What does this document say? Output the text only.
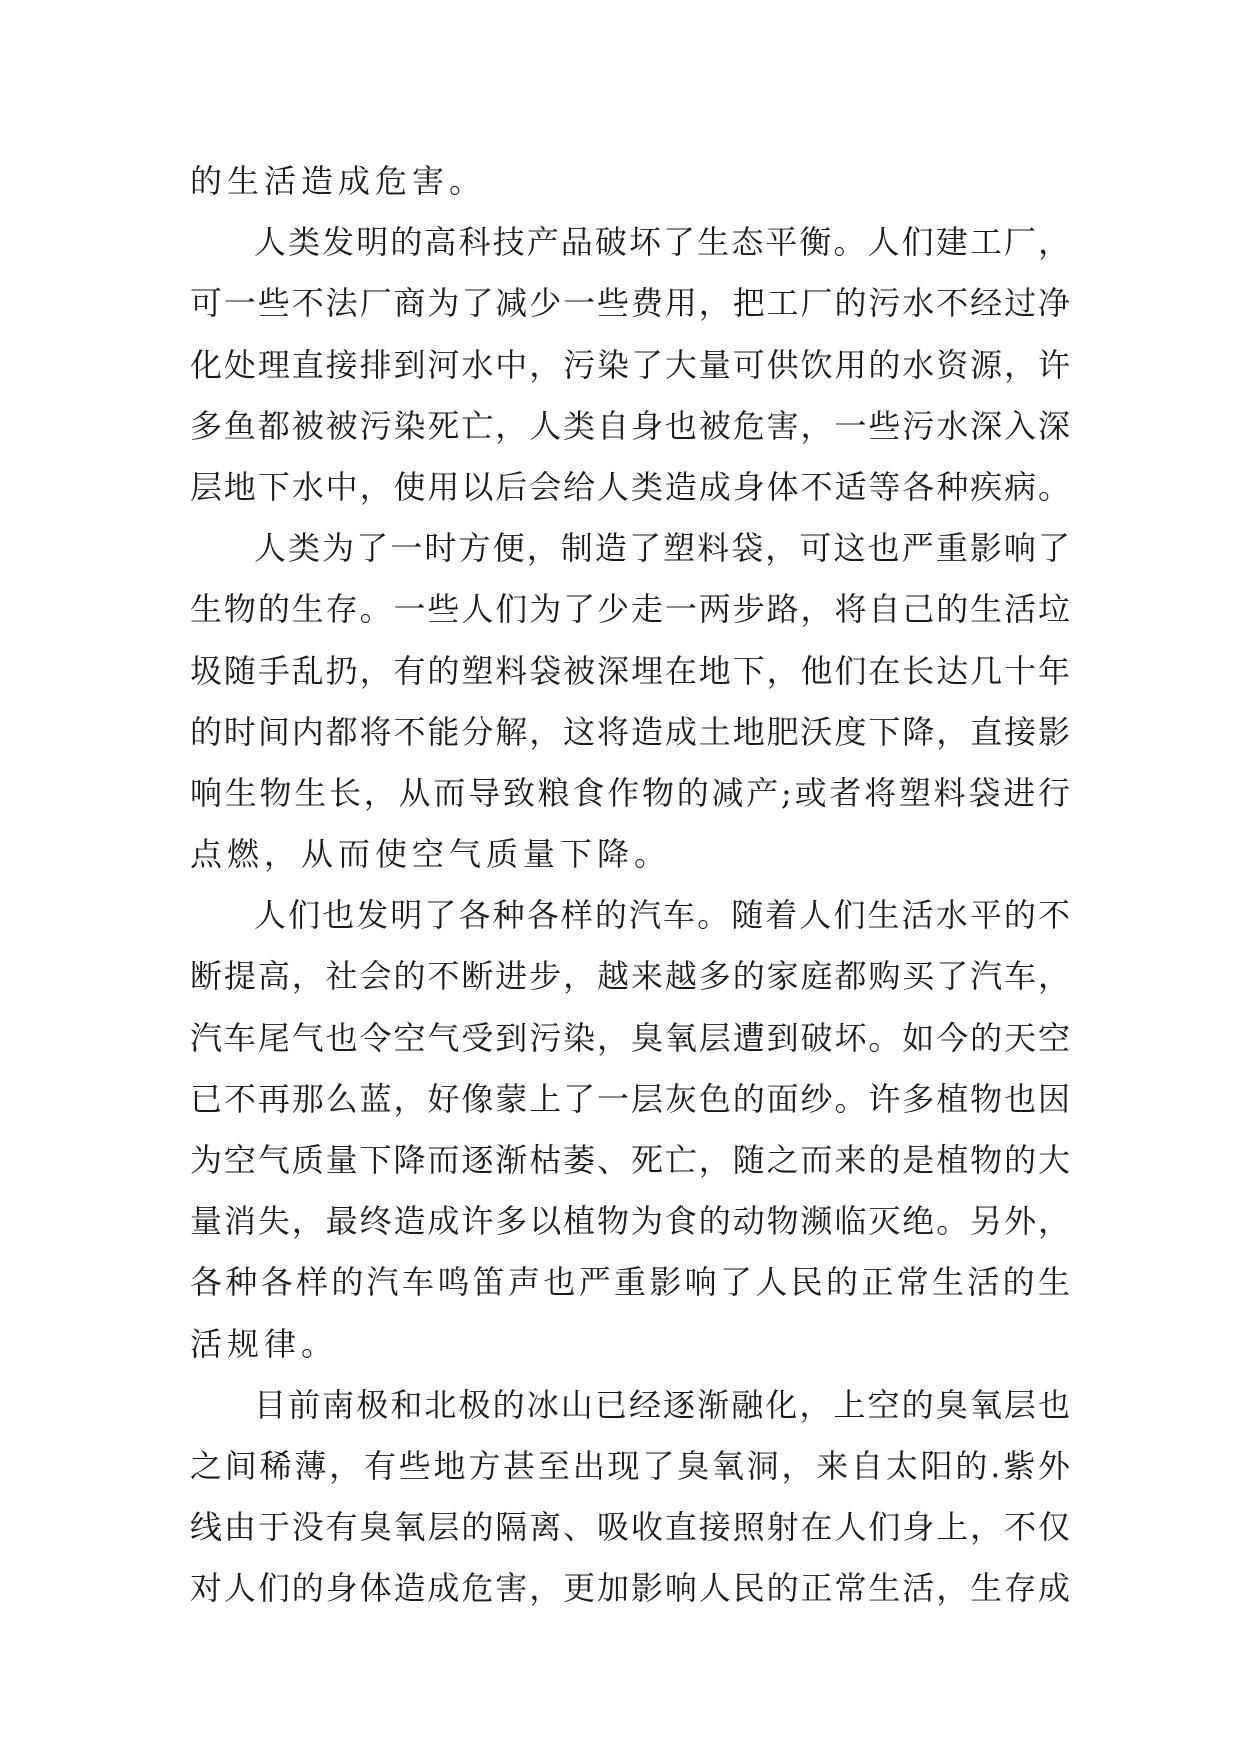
的生活造成危害。
人类发明的高科技产品破坏了生态平衡。人们建工厂，
可一些不法厂商为了减少一些费用，把工厂的污水不经过净
化处理直接排到河水中，污染了大量可供饮用的水资源，许
多鱼都被被污染死亡，人类自身也被危害，一些污水深入深
层地下水中，使用以后会给人类造成身体不适等各种疾病。
人类为了一时方便，制造了塑料袋，可这也严重影响了
生物的生存。一些人们为了少走一两步路，将自己的生活垃
圾随手乱扔，有的塑料袋被深埋在地下，他们在长达几十年
的时间内都将不能分解，这将造成土地肥沃度下降，直接影
响生物生长，从而导致粮食作物的减产;或者将塑料袋进行
点燃，从而使空气质量下降。
人们也发明了各种各样的汽车。随着人们生活水平的不
断提高，社会的不断进步，越来越多的家庭都购买了汽车，
汽车尾气也令空气受到污染，臭氧层遭到破坏。如今的天空
已不再那么蓝，好像蒙上了一层灰色的面纱。许多植物也因
为空气质量下降而逐渐枯萎、死亡，随之而来的是植物的大
量消失，最终造成许多以植物为食的动物濒临灭绝。另外，
各种各样的汽车鸣笛声也严重影响了人民的正常生活的生
活规律。
目前南极和北极的冰山已经逐渐融化，上空的臭氧层也
之间稀薄，有些地方甚至出现了臭氧洞，来自太阳的.紫外
线由于没有臭氧层的隔离、吸收直接照射在人们身上，不仅
对人们的身体造成危害，更加影响人民的正常生活，生存成
